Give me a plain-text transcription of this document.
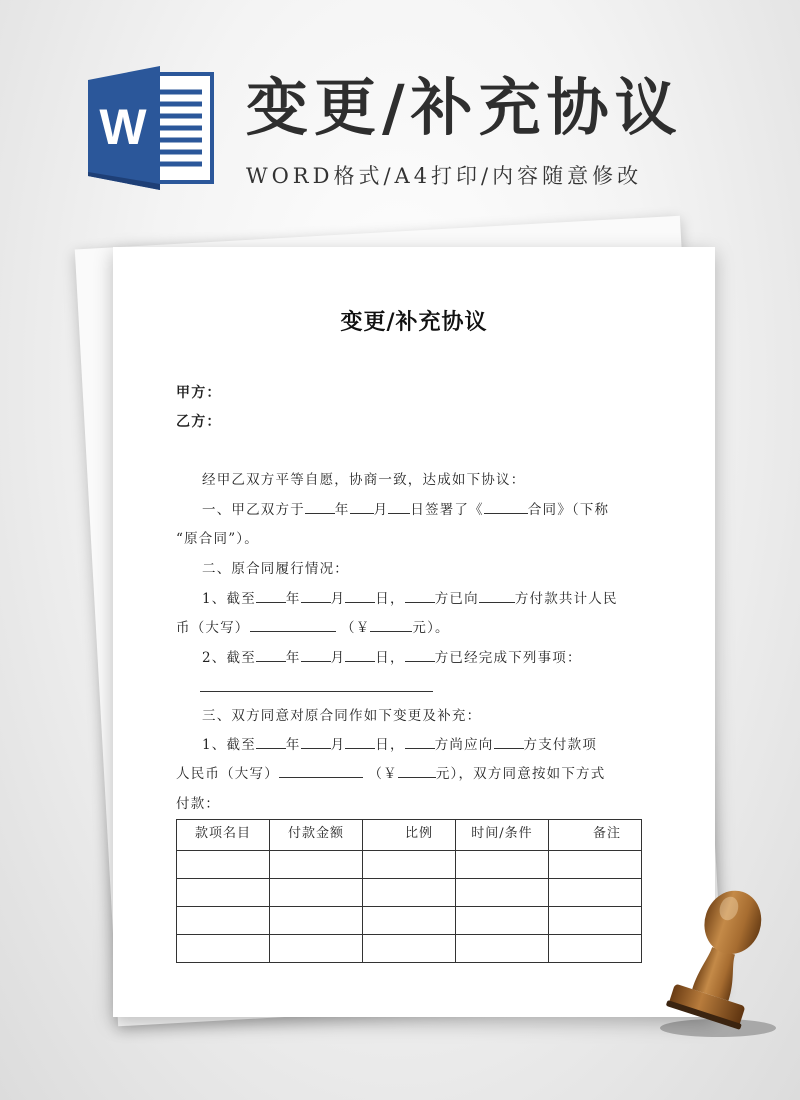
W 变更/补充协议
WORD格式/A4打印/内容随意修改
变更/补充协议
甲方：
乙方：
经甲乙双方平等自愿，协商一致，达成如下协议：
一、甲乙双方于 年 月 日签署了《	合同》（下称
“原合同”）。
二、原合同履行情况：
1、截至 年 月 日， 方已向	方付款共计人民
币（大写）	（￥	元）。
2、截至 年 月 日， 方已经完成下列事项：
三、双方同意对原合同作如下变更及补充：
1、截至 年 月 日， 方尚应向 方支付款项
人民币（大写）	（￥	元），双方同意按如下方式
付款：
款项名目	付款金额	比例	时间/条件	备注
